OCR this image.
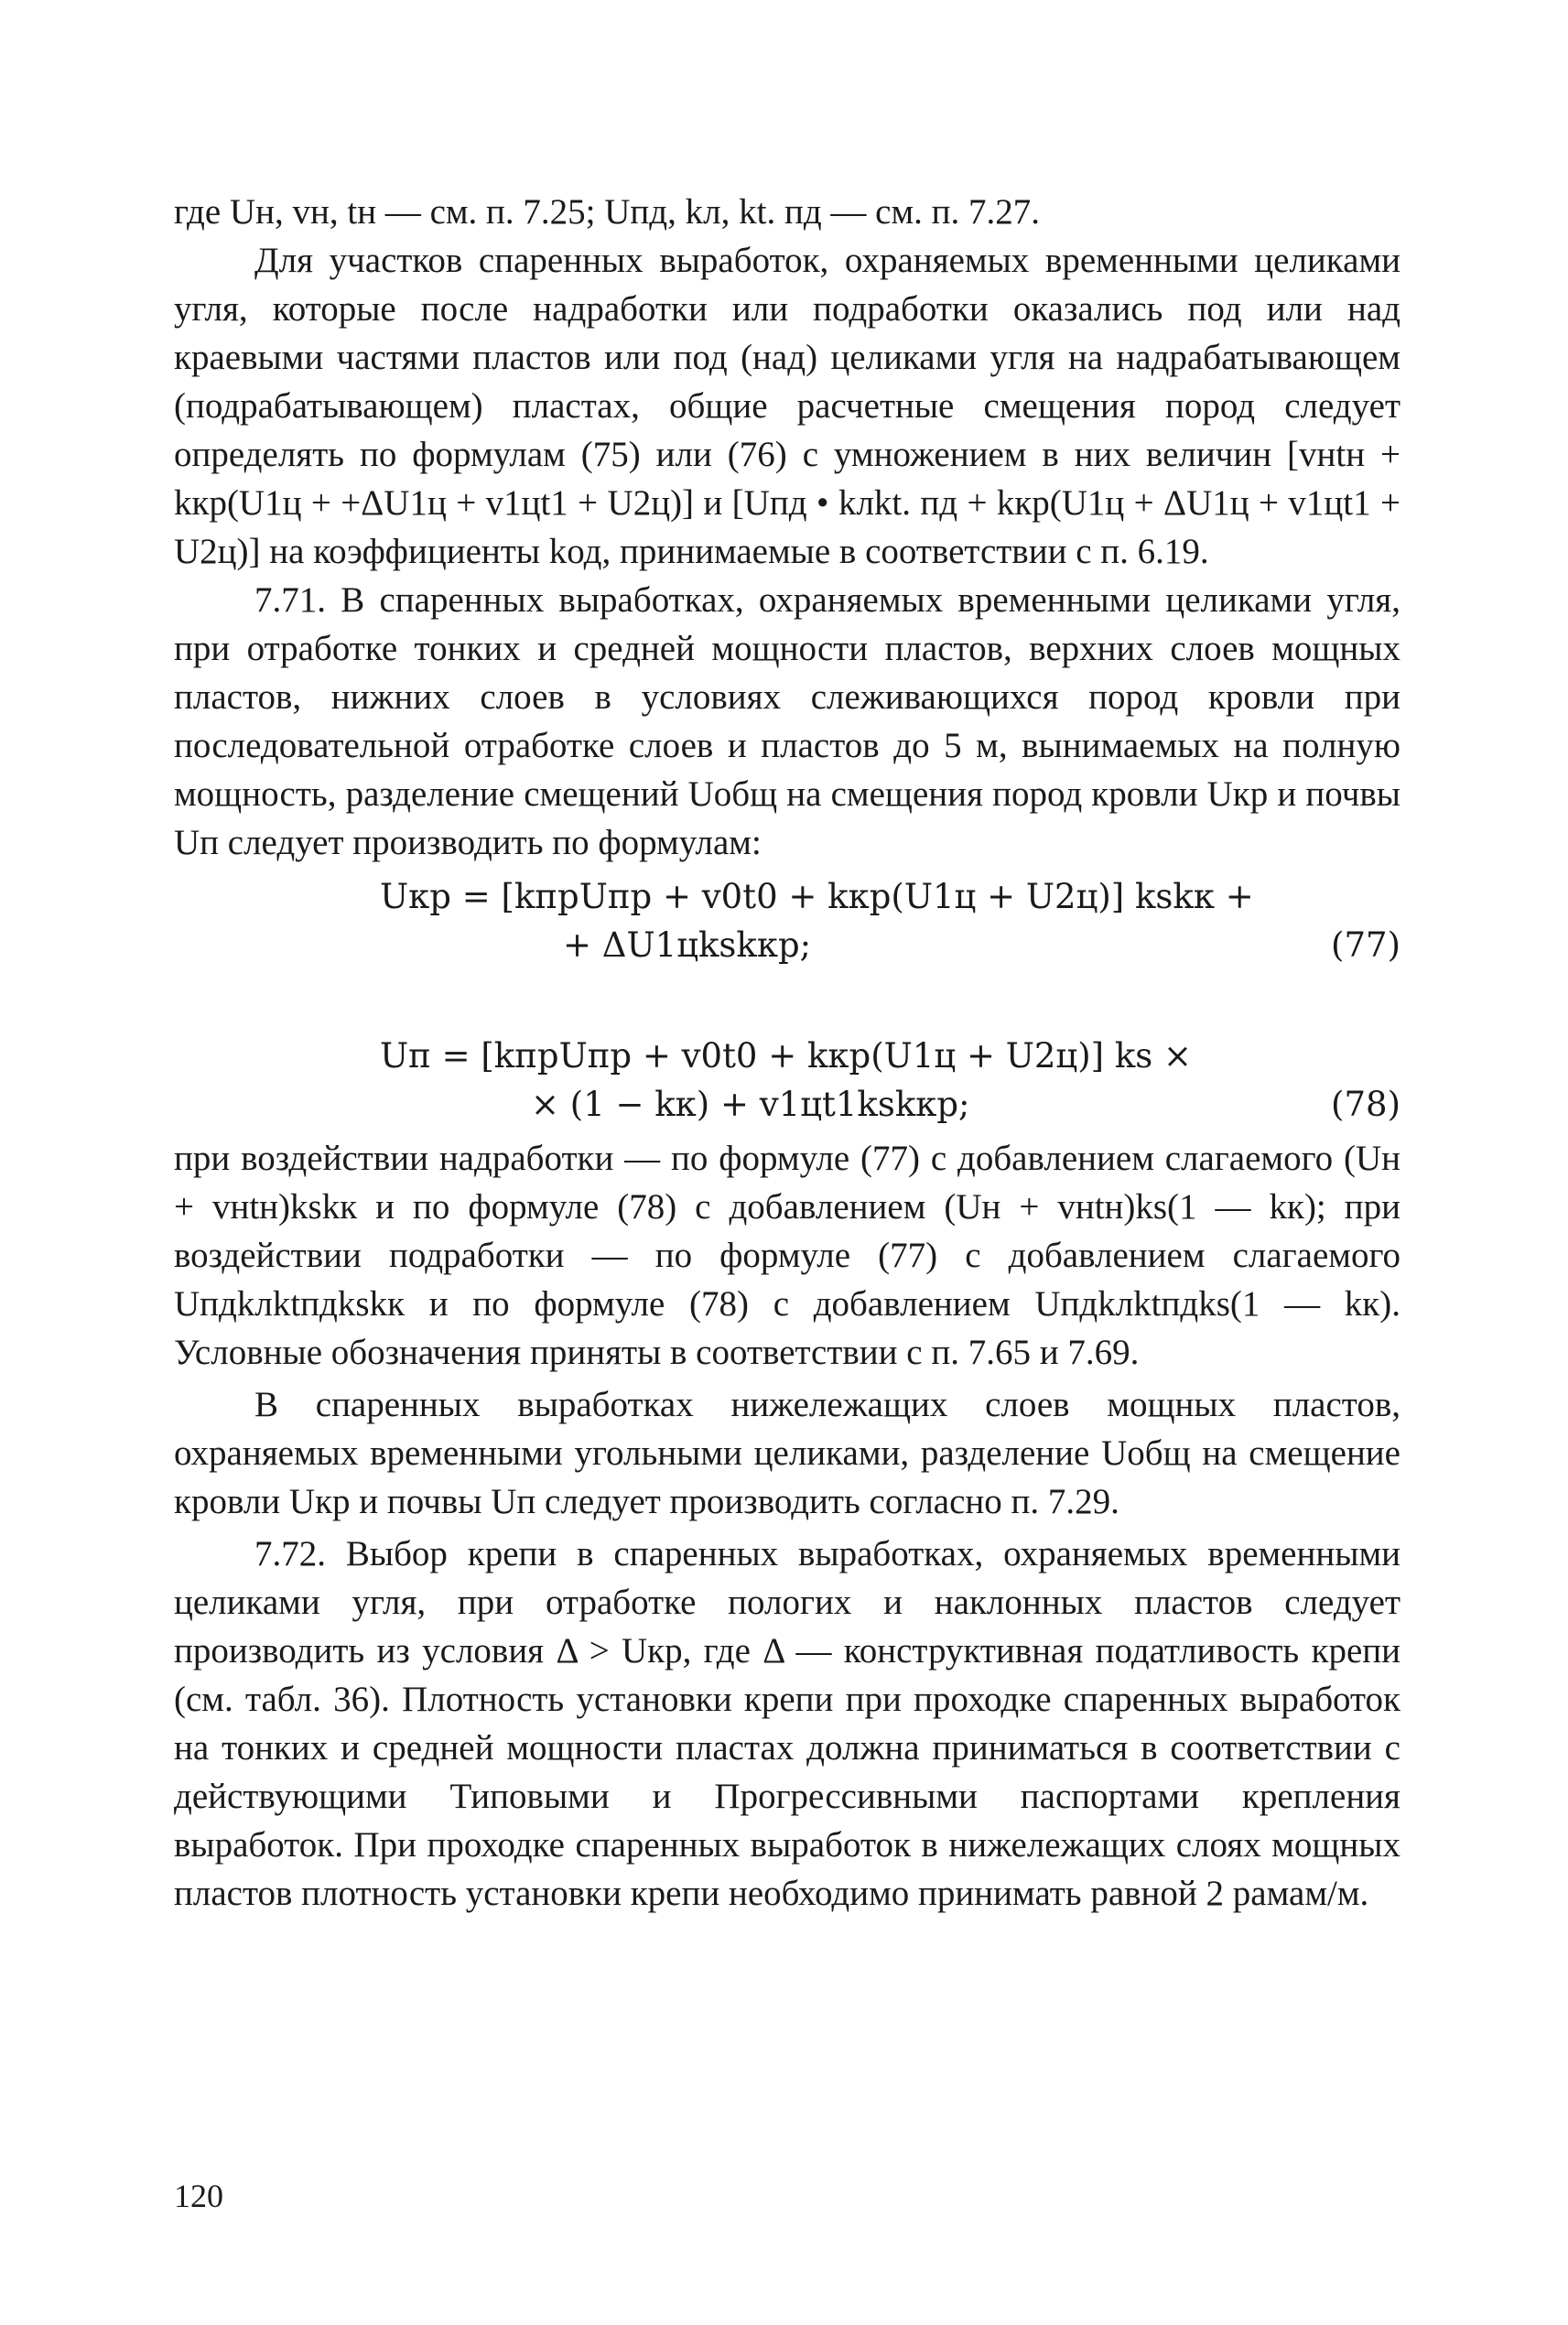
где Uн, vн, tн — см. п. 7.25; Uпд, kл, kt. пд — см. п. 7.27.

Для участков спаренных выработок, охраняемых временными целиками угля, которые после надработки или подработки оказались под или над краевыми частями пластов или под (над) целиками угля на надрабатывающем (подрабатывающем) пластах, общие расчетные смещения пород следует определять по формулам (75) или (76) с умножением в них величин [vнtн + kкр(U1ц + +ΔU1ц + v1цt1 + U2ц)] и [Uпд • kлkt. пд + kкр(U1ц + ΔU1ц + v1цt1 + U2ц)] на коэффициенты kод, принимаемые в соответствии с п. 6.19.

7.71. В спаренных выработках, охраняемых временными целиками угля, при отработке тонких и средней мощности пластов, верхних слоев мощных пластов, нижних слоев в условиях слеживающихся пород кровли при последовательной отработке слоев и пластов до 5 м, вынимаемых на полную мощность, разделение смещений Uобщ на смещения пород кровли Uкр и почвы Uп следует производить по формулам:

Uкр = [kпрUпр + v0t0 + kкр(U1ц + U2ц)] kskк +
+ ΔU1цkskкр;	(77)
Uп = [kпрUпр + v0t0 + kкр(U1ц + U2ц)] ks ×
× (1 − kк) + v1цt1kskкр;	(78)

при воздействии надработки — по формуле (77) с добавлением слагаемого (Uн + vнtн)kskк и по формуле (78) с добавлением (Uн + vнtн)ks(1 — kк); при воздействии подработки — по формуле (77) с добавлением слагаемого Uпдkлktпдkskк и по формуле (78) с добавлением Uпдkлktпдks(1 — kк). Условные обозначения приняты в соответствии с п. 7.65 и 7.69.

В спаренных выработках нижележащих слоев мощных пластов, охраняемых временными угольными целиками, разделение Uобщ на смещение кровли Uкр и почвы Uп следует производить согласно п. 7.29.

7.72. Выбор крепи в спаренных выработках, охраняемых временными целиками угля, при отработке пологих и наклонных пластов следует производить из условия Δ > Uкр, где Δ — конструктивная податливость крепи (см. табл. 36). Плотность установки крепи при проходке спаренных выработок на тонких и средней мощности пластах должна приниматься в соответствии с действующими Типовыми и Прогрессивными паспортами крепления выработок. При проходке спаренных выработок в нижележащих слоях мощных пластов плотность установки крепи необходимо принимать равной 2 рамам/м.

120
